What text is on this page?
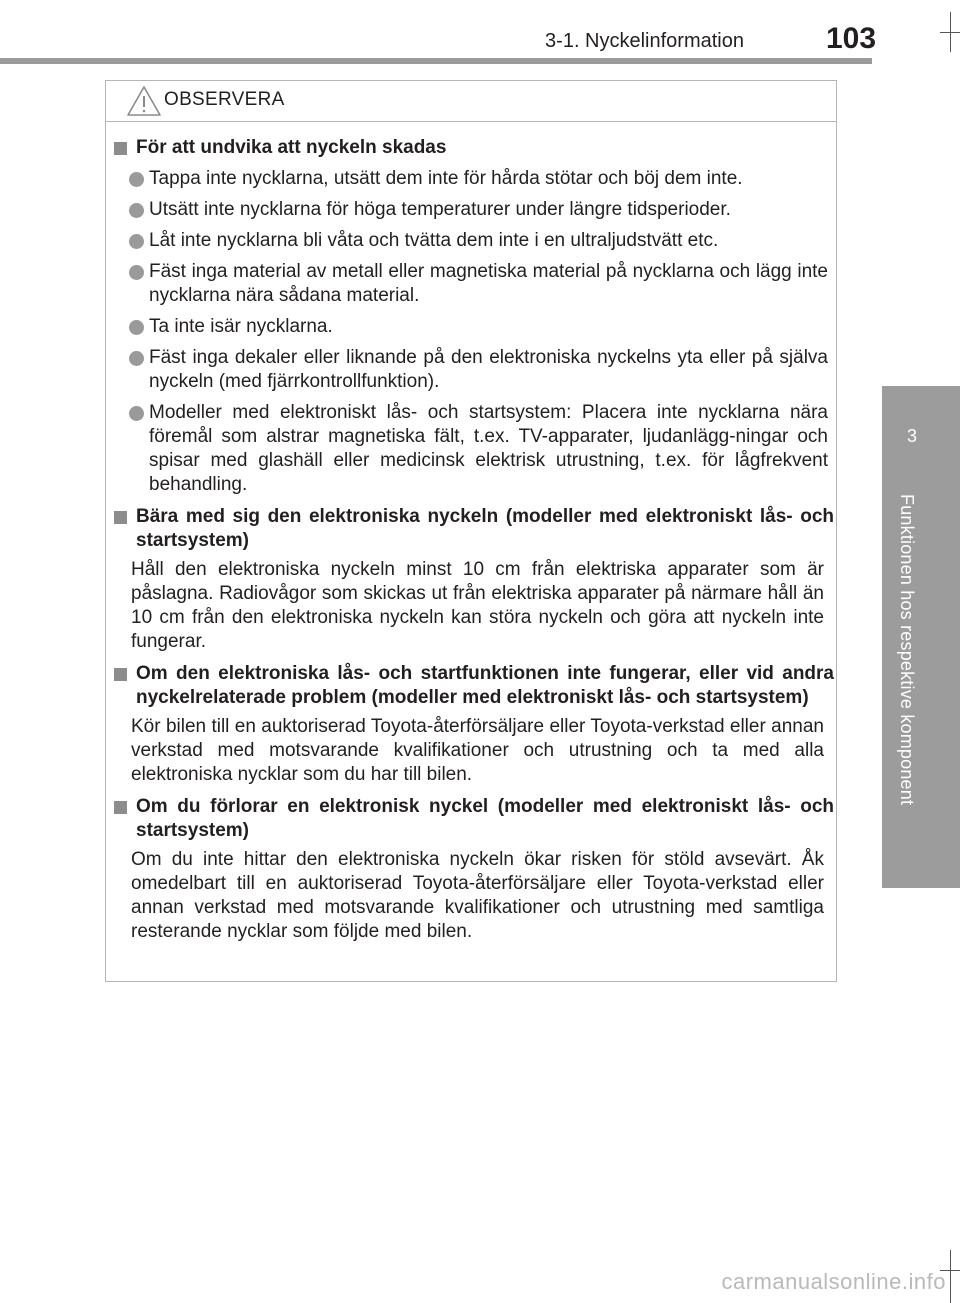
3-1. Nyckelinformation	103
3
Funktionen hos respektive komponent
OBSERVERA
För att undvika att nyckeln skadas
Tappa inte nycklarna, utsätt dem inte för hårda stötar och böj dem inte.
Utsätt inte nycklarna för höga temperaturer under längre tidsperioder.
Låt inte nycklarna bli våta och tvätta dem inte i en ultraljudstvätt etc.
Fäst inga material av metall eller magnetiska material på nycklarna och lägg inte nycklarna nära sådana material.
Ta inte isär nycklarna.
Fäst inga dekaler eller liknande på den elektroniska nyckelns yta eller på själva nyckeln (med fjärrkontrollfunktion).
Modeller med elektroniskt lås- och startsystem: Placera inte nycklarna nära föremål som alstrar magnetiska fält, t.ex. TV-apparater, ljudanlägg-ningar och spisar med glashäll eller medicinsk elektrisk utrustning, t.ex. för lågfrekvent behandling.
Bära med sig den elektroniska nyckeln (modeller med elektroniskt lås- och startsystem)
Håll den elektroniska nyckeln minst 10 cm från elektriska apparater som är påslagna. Radiovågor som skickas ut från elektriska apparater på närmare håll än 10 cm från den elektroniska nyckeln kan störa nyckeln och göra att nyckeln inte fungerar.
Om den elektroniska lås- och startfunktionen inte fungerar, eller vid andra nyckelrelaterade problem (modeller med elektroniskt lås- och startsystem)
Kör bilen till en auktoriserad Toyota-återförsäljare eller Toyota-verkstad eller annan verkstad med motsvarande kvalifikationer och utrustning och ta med alla elektroniska nycklar som du har till bilen.
Om du förlorar en elektronisk nyckel (modeller med elektroniskt lås- och startsystem)
Om du inte hittar den elektroniska nyckeln ökar risken för stöld avsevärt. Åk omedelbart till en auktoriserad Toyota-återförsäljare eller Toyota-verkstad eller annan verkstad med motsvarande kvalifikationer och utrustning med samtliga resterande nycklar som följde med bilen.
carmanualsonline.info
